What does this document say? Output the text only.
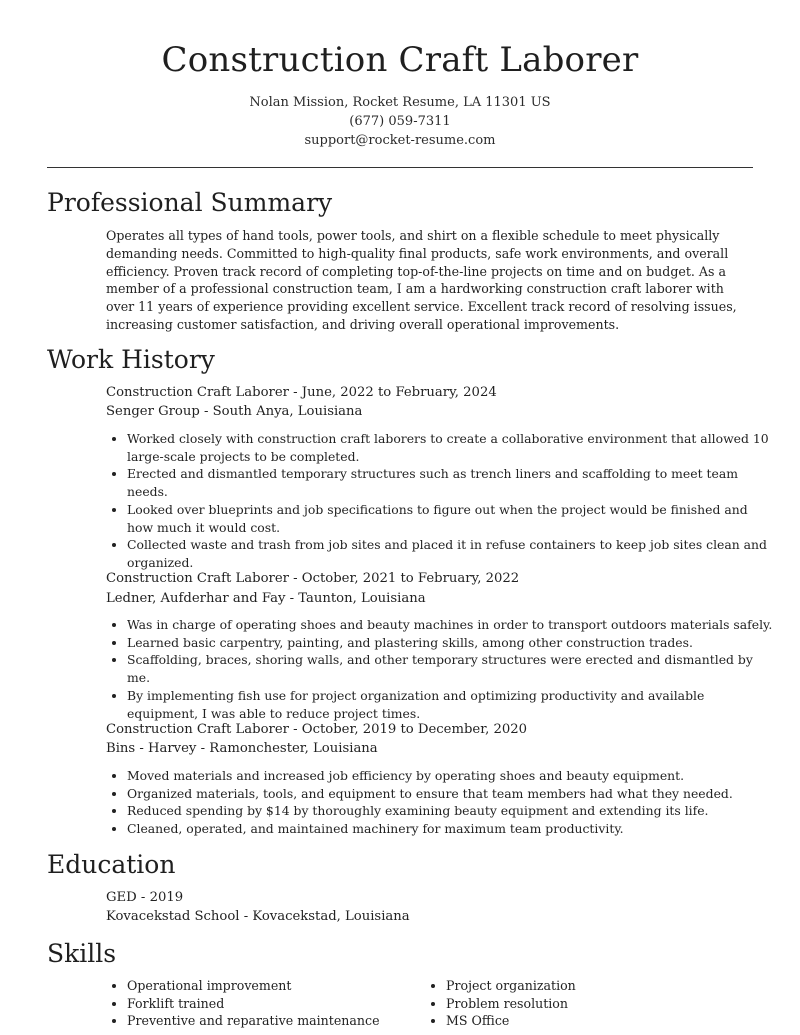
Construction Craft Laborer
Nolan Mission, Rocket Resume, LA 11301 US
(677) 059-7311
support@rocket-resume.com
Professional Summary

Operates all types of hand tools, power tools, and shirt on a flexible schedule to meet physically demanding needs. Committed to high-quality final products, safe work environments, and overall efficiency. Proven track record of completing top-of-the-line projects on time and on budget. As a member of a professional construction team, I am a hardworking construction craft laborer with over 11 years of experience providing excellent service. Excellent track record of resolving issues, increasing customer satisfaction, and driving overall operational improvements.

Work History
Construction Craft Laborer - June, 2022 to February, 2024
Senger Group - South Anya, Louisiana
• Worked closely with construction craft laborers to create a collaborative environment that allowed 10 large-scale projects to be completed.
• Erected and dismantled temporary structures such as trench liners and scaffolding to meet team needs.
• Looked over blueprints and job specifications to figure out when the project would be finished and how much it would cost.
• Collected waste and trash from job sites and placed it in refuse containers to keep job sites clean and organized.
Construction Craft Laborer - October, 2021 to February, 2022
Ledner, Aufderhar and Fay - Taunton, Louisiana
• Was in charge of operating shoes and beauty machines in order to transport outdoors materials safely.
• Learned basic carpentry, painting, and plastering skills, among other construction trades.
• Scaffolding, braces, shoring walls, and other temporary structures were erected and dismantled by me.
• By implementing fish use for project organization and optimizing productivity and available equipment, I was able to reduce project times.
Construction Craft Laborer - October, 2019 to December, 2020
Bins - Harvey - Ramonchester, Louisiana
• Moved materials and increased job efficiency by operating shoes and beauty equipment.
• Organized materials, tools, and equipment to ensure that team members had what they needed.
• Reduced spending by $14 by thoroughly examining beauty equipment and extending its life.
• Cleaned, operated, and maintained machinery for maximum team productivity.
Education
GED - 2019
Kovacekstad School - Kovacekstad, Louisiana
Skills
• Operational improvement
• Forklift trained
• Preventive and reparative maintenance
• Project organization
• Problem resolution
• MS Office
